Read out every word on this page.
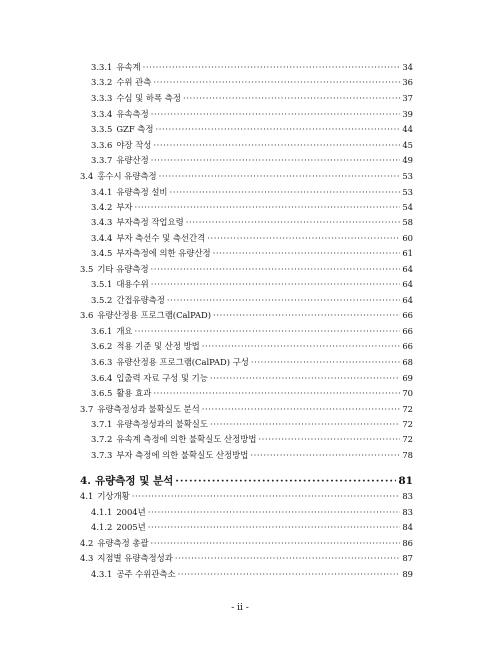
3.3.1 유속계 ·····	34
3.3.2 수위 관측 ·····	36
3.3.3 수심 및 하폭 측정 ·····	37
3.3.4 유속측정 ·····	39
3.3.5 GZF 측정 ·····	44
3.3.6 야장 작성 ·····	45
3.3.7 유량산정 ·····	49
3.4 홍수시 유량측정 ·····	53
3.4.1 유량측정 설비 ·····	53
3.4.2 부자 ·····	54
3.4.3 부자측정 작업요령 ·····	58
3.4.4 부자 측선수 및 측선간격 ·····	60
3.4.5 부자측정에 의한 유량산정 ·····	61
3.5 기타 유량측정 ·····	64
3.5.1 대용수위 ·····	64
3.5.2 간접유량측정 ·····	64
3.6 유량산정용 프로그램(CalPAD) ·····	66
3.6.1 개요 ·····	66
3.6.2 적용 기준 및 산정 방법 ·····	66
3.6.3 유량산정용 프로그램(CalPAD) 구성 ·····	68
3.6.4 입출력 자료 구성 및 기능 ·····	69
3.6.5 활용 효과 ·····	70
3.7 유량측정성과 불확실도 분석 ·····	72
3.7.1 유량측정성과의 불확실도 ·····	72
3.7.2 유속계 측정에 의한 불확실도 산정방법 ·····	72
3.7.3 부자 측정에 의한 불확실도 산정방법 ·····	78
4. 유량측정 및 분석 ·····	81
4.1 기상개황 ·····	83
4.1.1 2004년 ·····	83
4.1.2 2005년 ·····	84
4.2 유량측정 총괄 ·····	86
4.3 지점별 유량측정성과 ·····	87
4.3.1 공주 수위관측소 ·····	89
- ii -
